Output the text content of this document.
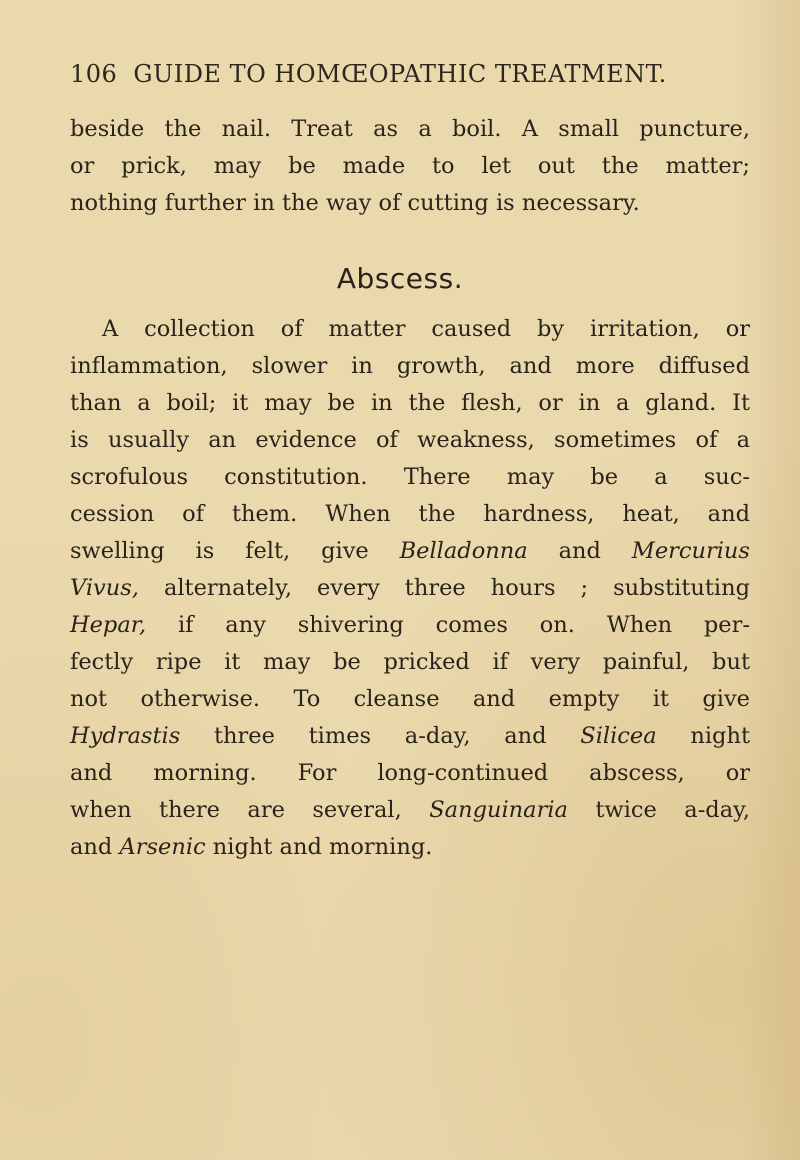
106 GUIDE TO HOMŒOPATHIC TREATMENT.
beside the nail. Treat as a boil. A small puncture,
or prick, may be made to let out the matter;
nothing further in the way of cutting is necessary.
Abscess.
A collection of matter caused by irritation, or
inflammation, slower in growth, and more diffused
than a boil; it may be in the flesh, or in a gland. It
is usually an evidence of weakness, sometimes of a
scrofulous constitution. There may be a suc-
cession of them. When the hardness, heat, and
swelling is felt, give Belladonna and Mercurius
Vivus, alternately, every three hours ; substituting
Hepar, if any shivering comes on. When per-
fectly ripe it may be pricked if very painful, but
not otherwise. To cleanse and empty it give
Hydrastis three times a-day, and Silicea night
and morning. For long-continued abscess, or
when there are several, Sanguinaria twice a-day,
and Arsenic night and morning.
